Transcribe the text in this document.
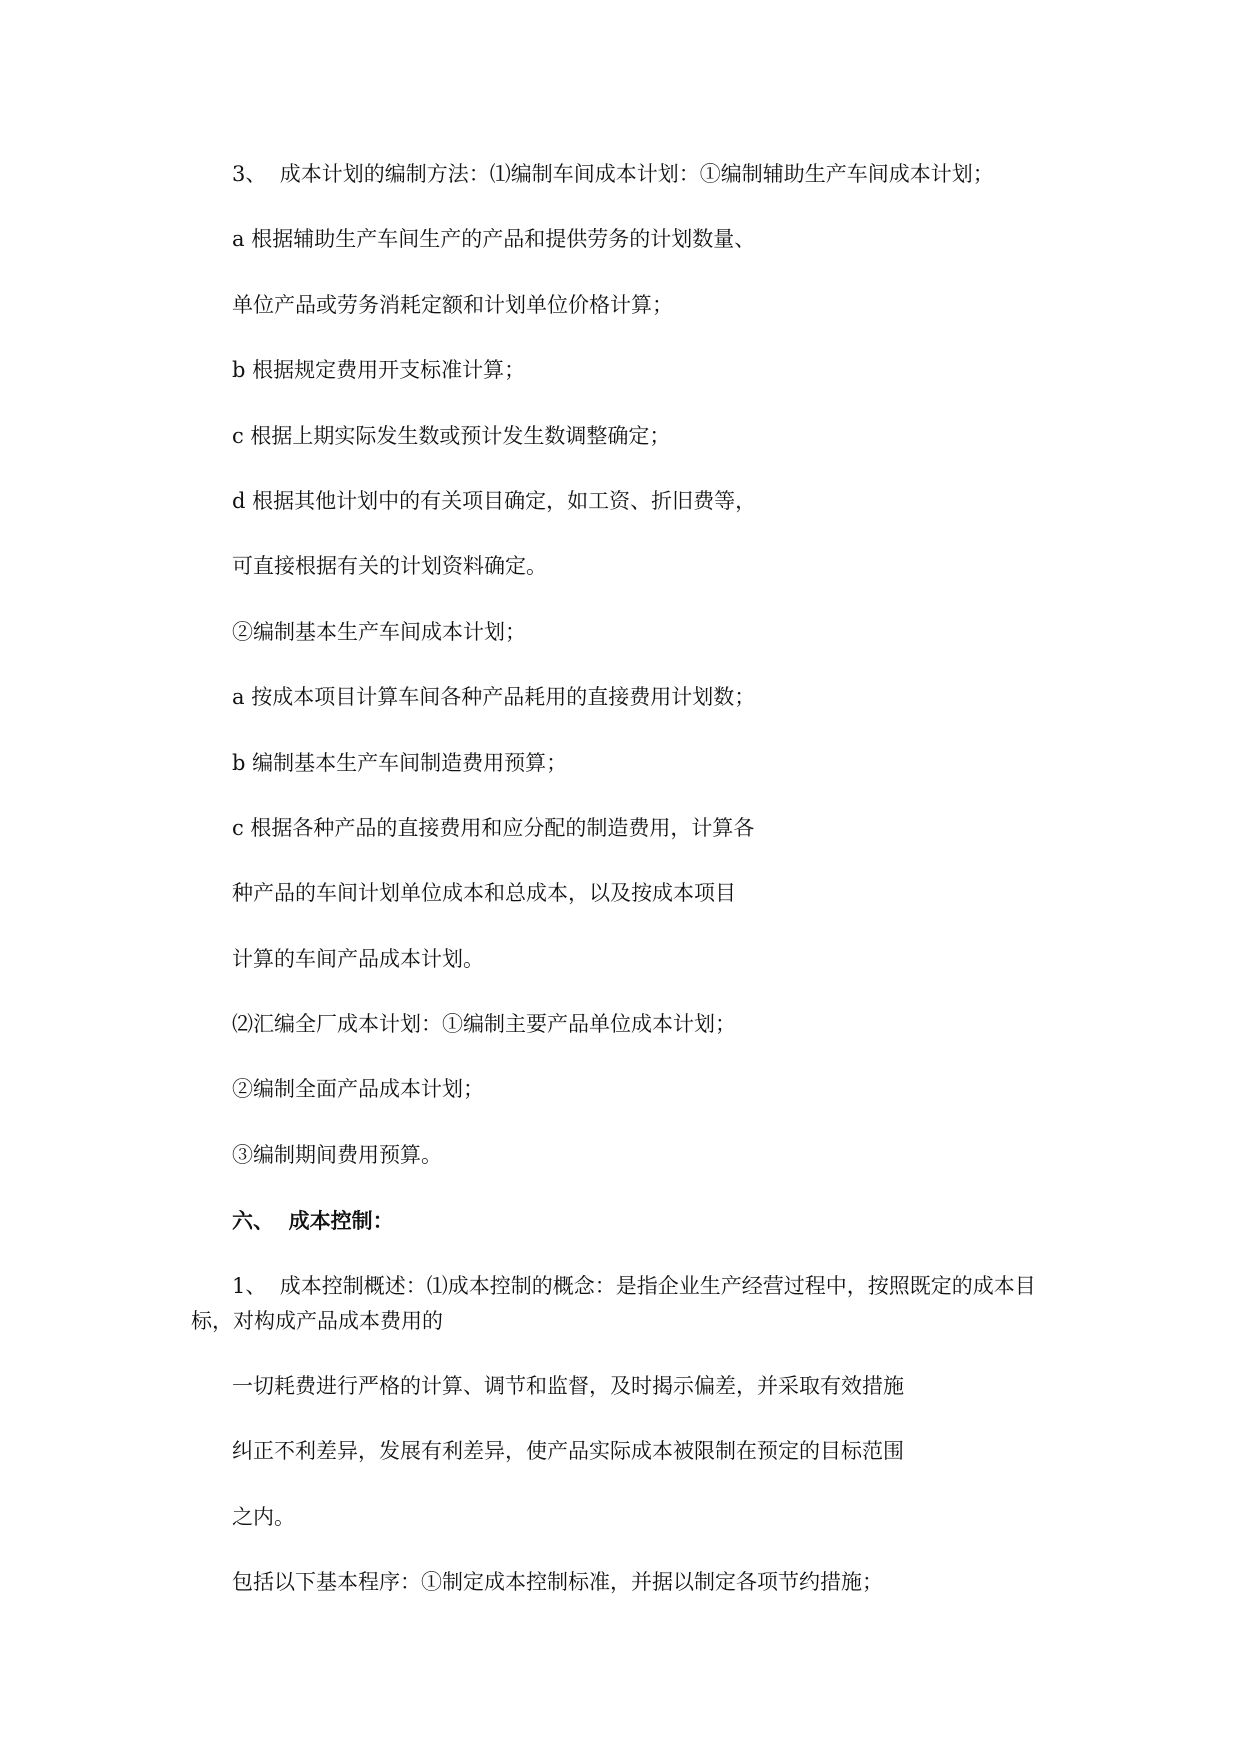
3、  成本计划的编制方法：⑴编制车间成本计划：①编制辅助生产车间成本计划；
a 根据辅助生产车间生产的产品和提供劳务的计划数量、
单位产品或劳务消耗定额和计划单位价格计算；
b 根据规定费用开支标准计算；
c 根据上期实际发生数或预计发生数调整确定；
d 根据其他计划中的有关项目确定，如工资、折旧费等，
可直接根据有关的计划资料确定。
②编制基本生产车间成本计划；
a 按成本项目计算车间各种产品耗用的直接费用计划数；
b 编制基本生产车间制造费用预算；
c 根据各种产品的直接费用和应分配的制造费用，计算各
种产品的车间计划单位成本和总成本，以及按成本项目
计算的车间产品成本计划。
⑵汇编全厂成本计划：①编制主要产品单位成本计划；
②编制全面产品成本计划；
③编制期间费用预算。
六、  成本控制：
1、  成本控制概述：⑴成本控制的概念：是指企业生产经营过程中，按照既定的成本目
标，对构成产品成本费用的
一切耗费进行严格的计算、调节和监督，及时揭示偏差，并采取有效措施
纠正不利差异，发展有利差异，使产品实际成本被限制在预定的目标范围
之内。
包括以下基本程序：①制定成本控制标准，并据以制定各项节约措施；
